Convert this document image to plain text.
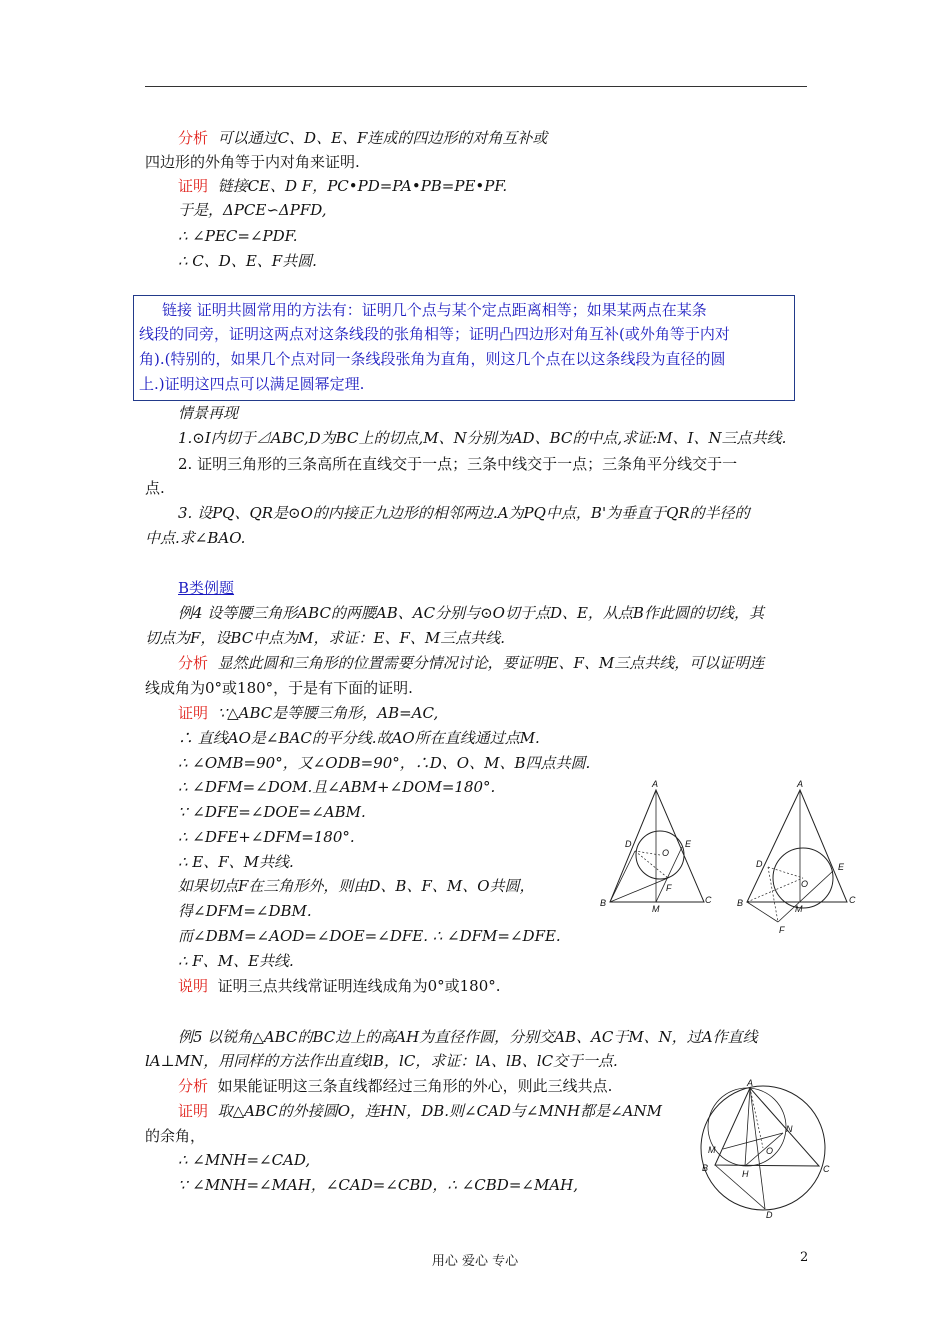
分析 可以通过C、D、E、F连成的四边形的对角互补或
四边形的外角等于内对角来证明.
证明 链接CE、D F，PC•PD=PA•PB=PE•PF.
于是，ΔPCE∽ΔPFD,
∴ ∠PEC=∠PDF.
∴ C、D、E、F共圆.
链接 证明共圆常用的方法有：证明几个点与某个定点距离相等；如果某两点在某条
线段的同旁，证明这两点对这条线段的张角相等；证明凸四边形对角互补(或外角等于内对
角).(特别的，如果几个点对同一条线段张角为直角，则这几个点在以这条线段为直径的圆
上.)证明这四点可以满足圆幂定理.
情景再现
1.⊙I内切于⊿ABC,D为BC上的切点,M、N分别为AD、BC的中点,求证:M、I、N三点共线.
2. 证明三角形的三条高所在直线交于一点；三条中线交于一点；三条角平分线交于一
点.
3. 设PQ、QR是⊙O的内接正九边形的相邻两边.A为PQ中点，B'为垂直于QR的半径的
中点.求∠BAO.
B类例题
例4 设等腰三角形ABC的两腰AB、AC分别与⊙O切于点D、E，从点B作此圆的切线，其
切点为F，设BC中点为M，求证：E、F、M三点共线.
分析 显然此圆和三角形的位置需要分情况讨论，要证明E、F、M三点共线，可以证明连
线成角为0°或180°，于是有下面的证明.
证明 ∵△ABC是等腰三角形，AB=AC,
∴ 直线AO是∠BAC的平分线.故AO所在直线通过点M.
∴ ∠OMB=90°，又∠ODB=90°，∴D、O、M、B四点共圆.
∴ ∠DFM=∠DOM.且∠ABM+∠DOM=180°.
∵ ∠DFE=∠DOE=∠ABM.
∴ ∠DFE+∠DFM=180°.
∴ E、F、M共线.
如果切点F在三角形外，则由D、B、F、M、O共圆，
得∠DFM=∠DBM.
而∠DBM=∠AOD=∠DOE=∠DFE. ∴ ∠DFM=∠DFE.
∴ F、M、E共线.
说明 证明三点共线常证明连线成角为0°或180°.
A
B	C
D	E
O
F
M
A
B	C
D	E
O
F
M
例5 以锐角△ABC的BC边上的高AH为直径作圆，分别交AB、AC于M、N，过A作直线
lA⊥MN，用同样的方法作出直线lB，lC，求证：lA、lB、lC交于一点.
分析 如果能证明这三条直线都经过三角形的外心，则此三线共点.
证明 取△ABC的外接圆O，连HN，DB.则∠CAD与∠MNH都是∠ANM
的余角，
∴ ∠MNH=∠CAD,
∵ ∠MNH=∠MAH，∠CAD=∠CBD，∴ ∠CBD=∠MAH,
A
B	C
D
O
N
M
H
用心 爱心 专心	2
